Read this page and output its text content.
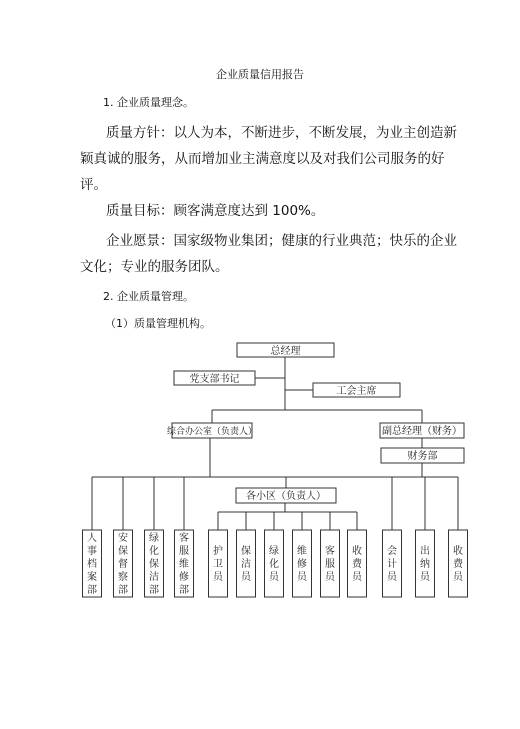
企业质量信用报告
1. 企业质量理念。
质量方针：以人为本，不断进步，不断发展，为业主创造新颖真诚的服务，从而增加业主满意度以及对我们公司服务的好评。
质量目标：顾客满意度达到 100%。
企业愿景：国家级物业集团；健康的行业典范；快乐的企业文化；专业的服务团队。
2. 企业质量管理。
（1）质量管理机构。
总经理
党支部书记
工会主席
综合办公室（负责人）	副总经理（财务）
财务部
各小区（负责人）
人事档案部
安保督察部
绿化保洁部
客服维修部
护卫员
保洁员
绿化员
维修员
客服员
收费员
会计员
出纳员
收费员
